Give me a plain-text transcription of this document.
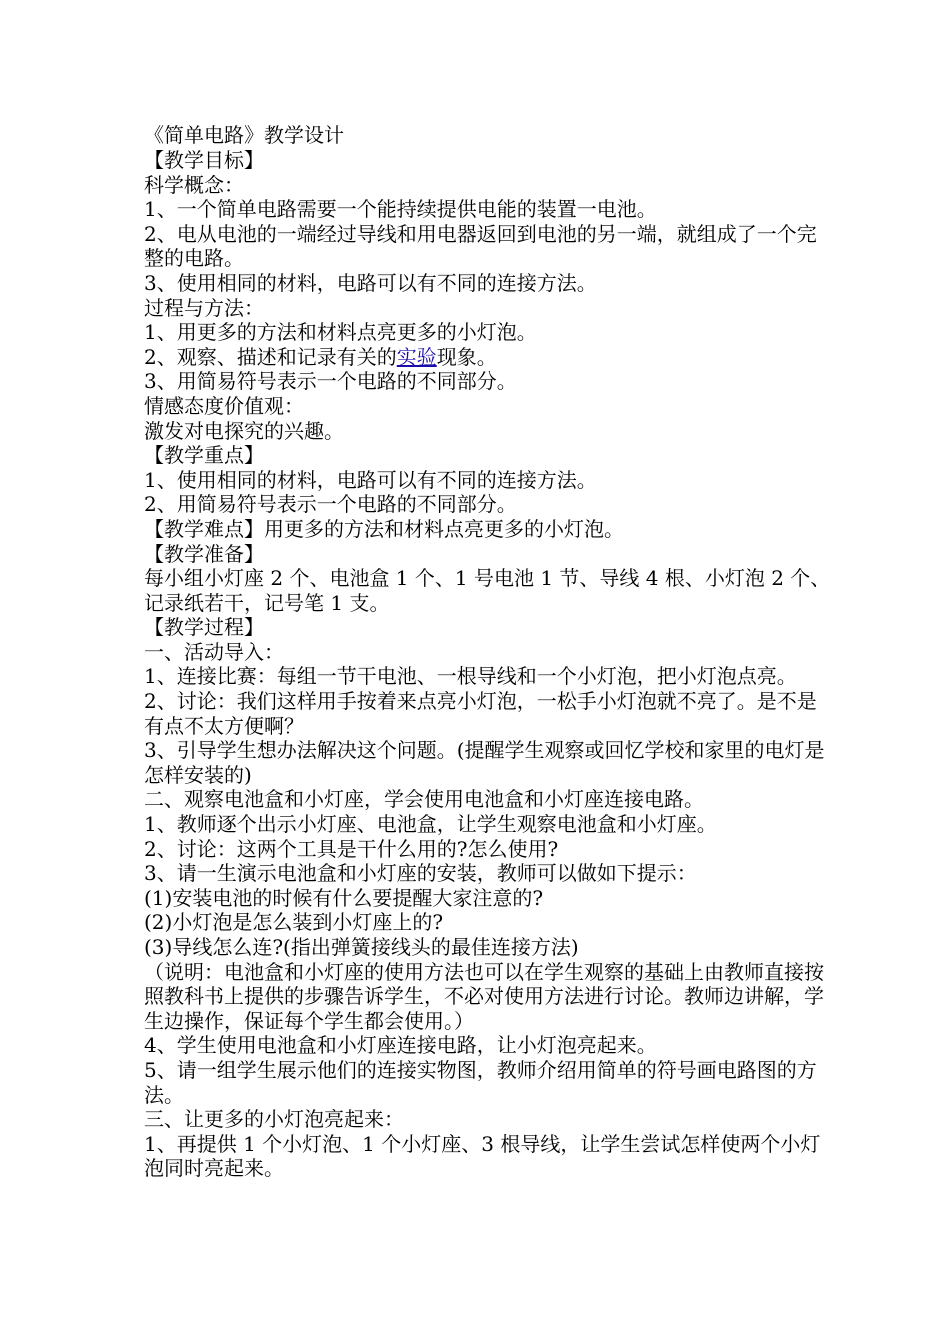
《简单电路》教学设计
【教学目标】
科学概念：
1、一个简单电路需要一个能持续提供电能的装置一电池。
2、电从电池的一端经过导线和用电器返回到电池的另一端，就组成了一个完整的电路。
3、使用相同的材料，电路可以有不同的连接方法。
过程与方法：
1、用更多的方法和材料点亮更多的小灯泡。
2、观察、描述和记录有关的实验现象。
3、用简易符号表示一个电路的不同部分。
情感态度价值观：
激发对电探究的兴趣。
【教学重点】
1、使用相同的材料，电路可以有不同的连接方法。
2、用简易符号表示一个电路的不同部分。
【教学难点】用更多的方法和材料点亮更多的小灯泡。
【教学准备】
每小组小灯座 2 个、电池盒 1 个、1 号电池 1 节、导线 4 根、小灯泡 2 个、记录纸若干，记号笔 1 支。
【教学过程】
一、活动导入：
1、连接比赛：每组一节干电池、一根导线和一个小灯泡，把小灯泡点亮。
2、讨论：我们这样用手按着来点亮小灯泡，一松手小灯泡就不亮了。是不是有点不太方便啊？
3、引导学生想办法解决这个问题。(提醒学生观察或回忆学校和家里的电灯是怎样安装的)
二、观察电池盒和小灯座，学会使用电池盒和小灯座连接电路。
1、教师逐个出示小灯座、电池盒，让学生观察电池盒和小灯座。
2、讨论：这两个工具是干什么用的?怎么使用?
3、请一生演示电池盒和小灯座的安装，教师可以做如下提示：
(1)安装电池的时候有什么要提醒大家注意的?
(2)小灯泡是怎么装到小灯座上的?
(3)导线怎么连?(指出弹簧接线头的最佳连接方法)
（说明：电池盒和小灯座的使用方法也可以在学生观察的基础上由教师直接按照教科书上提供的步骤告诉学生，不必对使用方法进行讨论。教师边讲解，学生边操作，保证每个学生都会使用。）
4、学生使用电池盒和小灯座连接电路，让小灯泡亮起来。
5、请一组学生展示他们的连接实物图，教师介绍用简单的符号画电路图的方法。
三、让更多的小灯泡亮起来：
1、再提供 1 个小灯泡、1 个小灯座、3 根导线，让学生尝试怎样使两个小灯泡同时亮起来。
